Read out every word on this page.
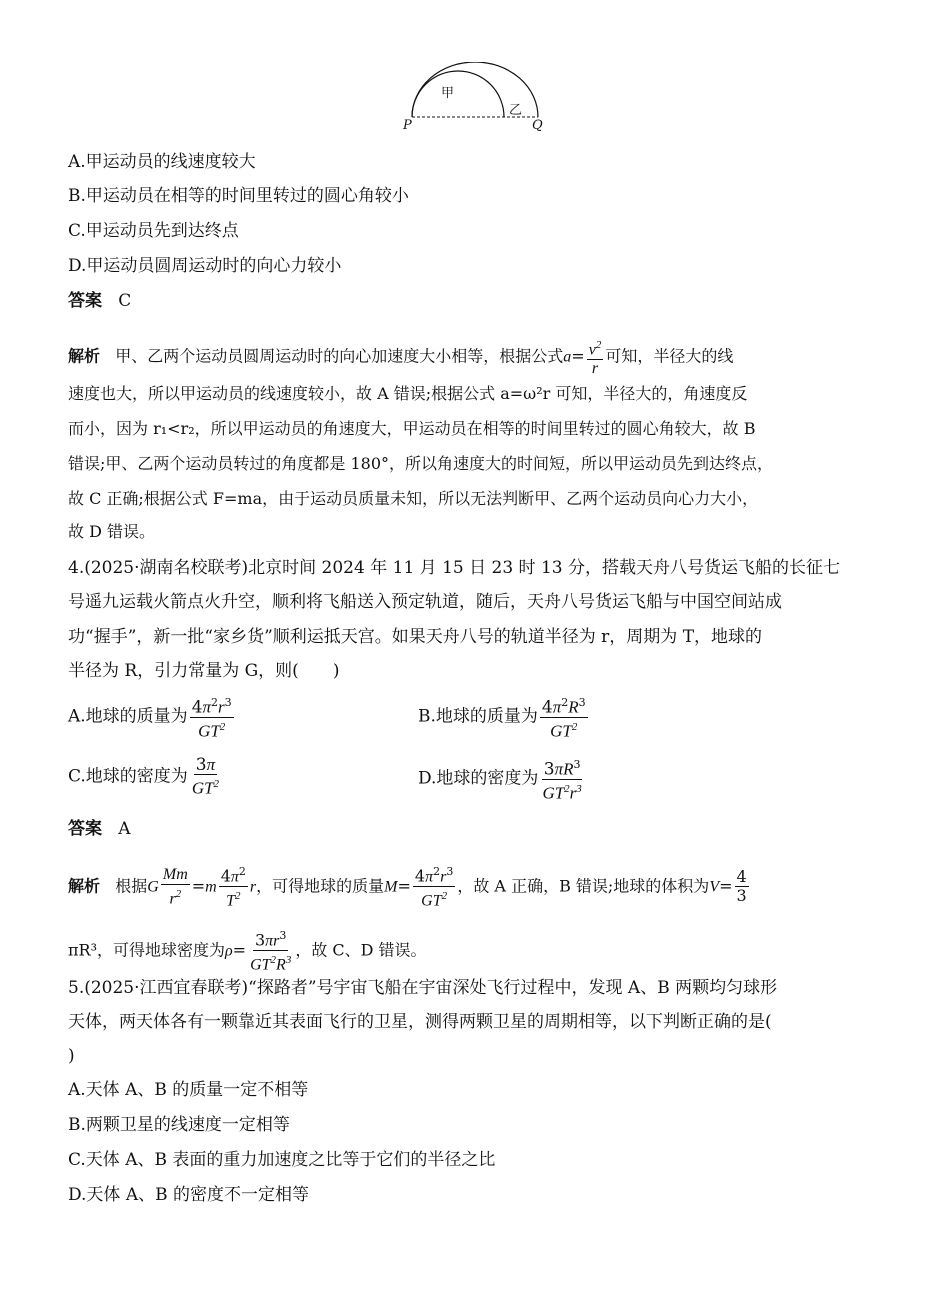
甲
乙
P	Q
A.甲运动员的线速度较大
B.甲运动员在相等的时间里转过的圆心角较小
C.甲运动员先到达终点
D.甲运动员圆周运动时的向心力较小
答案 C
解析 甲、乙两个运动员圆周运动时的向心加速度大小相等，根据公式$a= \frac{v^2}{r}$ 可知，半径大的线
速度也大，所以甲运动员的线速度较小，故 A 错误;根据公式 a=ω²r 可知，半径大的，角速度反
而小，因为 r₁<r₂，所以甲运动员的角速度大，甲运动员在相等的时间里转过的圆心角较大，故 B
错误;甲、乙两个运动员转过的角度都是 180°，所以角速度大的时间短，所以甲运动员先到达终点，
故 C 正确;根据公式 F=ma，由于运动员质量未知，所以无法判断甲、乙两个运动员向心力大小，
故 D 错误。
4.(2025·湖南名校联考)北京时间 2024 年 11 月 15 日 23 时 13 分，搭载天舟八号货运飞船的长征七
号遥九运载火箭点火升空，顺利将飞船送入预定轨道，随后，天舟八号货运飞船与中国空间站成
功“握手”，新一批“家乡货”顺利运抵天宫。如果天舟八号的轨道半径为 r，周期为 T，地球的
半径为 R，引力常量为 G，则(　　)
A.地球的质量为 $\frac{4\pi^2r^3}{GT^2}$	B.地球的质量为 $\frac{4\pi^2R^3}{GT^2}$
C.地球的密度为 $\frac{3\pi}{GT^2}$	D.地球的密度为 $\frac{3\pi R^3}{GT^2r^3}$
答案 A
解析 根据G $\frac{Mm}{r^2} =m \frac{4\pi^2}{T^2}$ r，可得地球的质量$M= \frac{4\pi^2r^3}{GT^2}$ ，故 A 正确，B 错误;地球的体积为$V= \frac{4}{3}$
πR³，可得地球密度为$\rho= \frac{3\pi r^3}{GT^2R^3}$ ，故 C、D 错误。
5.(2025·江西宜春联考)“探路者”号宇宙飞船在宇宙深处飞行过程中，发现 A、B 两颗均匀球形
天体，两天体各有一颗靠近其表面飞行的卫星，测得两颗卫星的周期相等，以下判断正确的是(
)
A.天体 A、B 的质量一定不相等
B.两颗卫星的线速度一定相等
C.天体 A、B 表面的重力加速度之比等于它们的半径之比
D.天体 A、B 的密度不一定相等
